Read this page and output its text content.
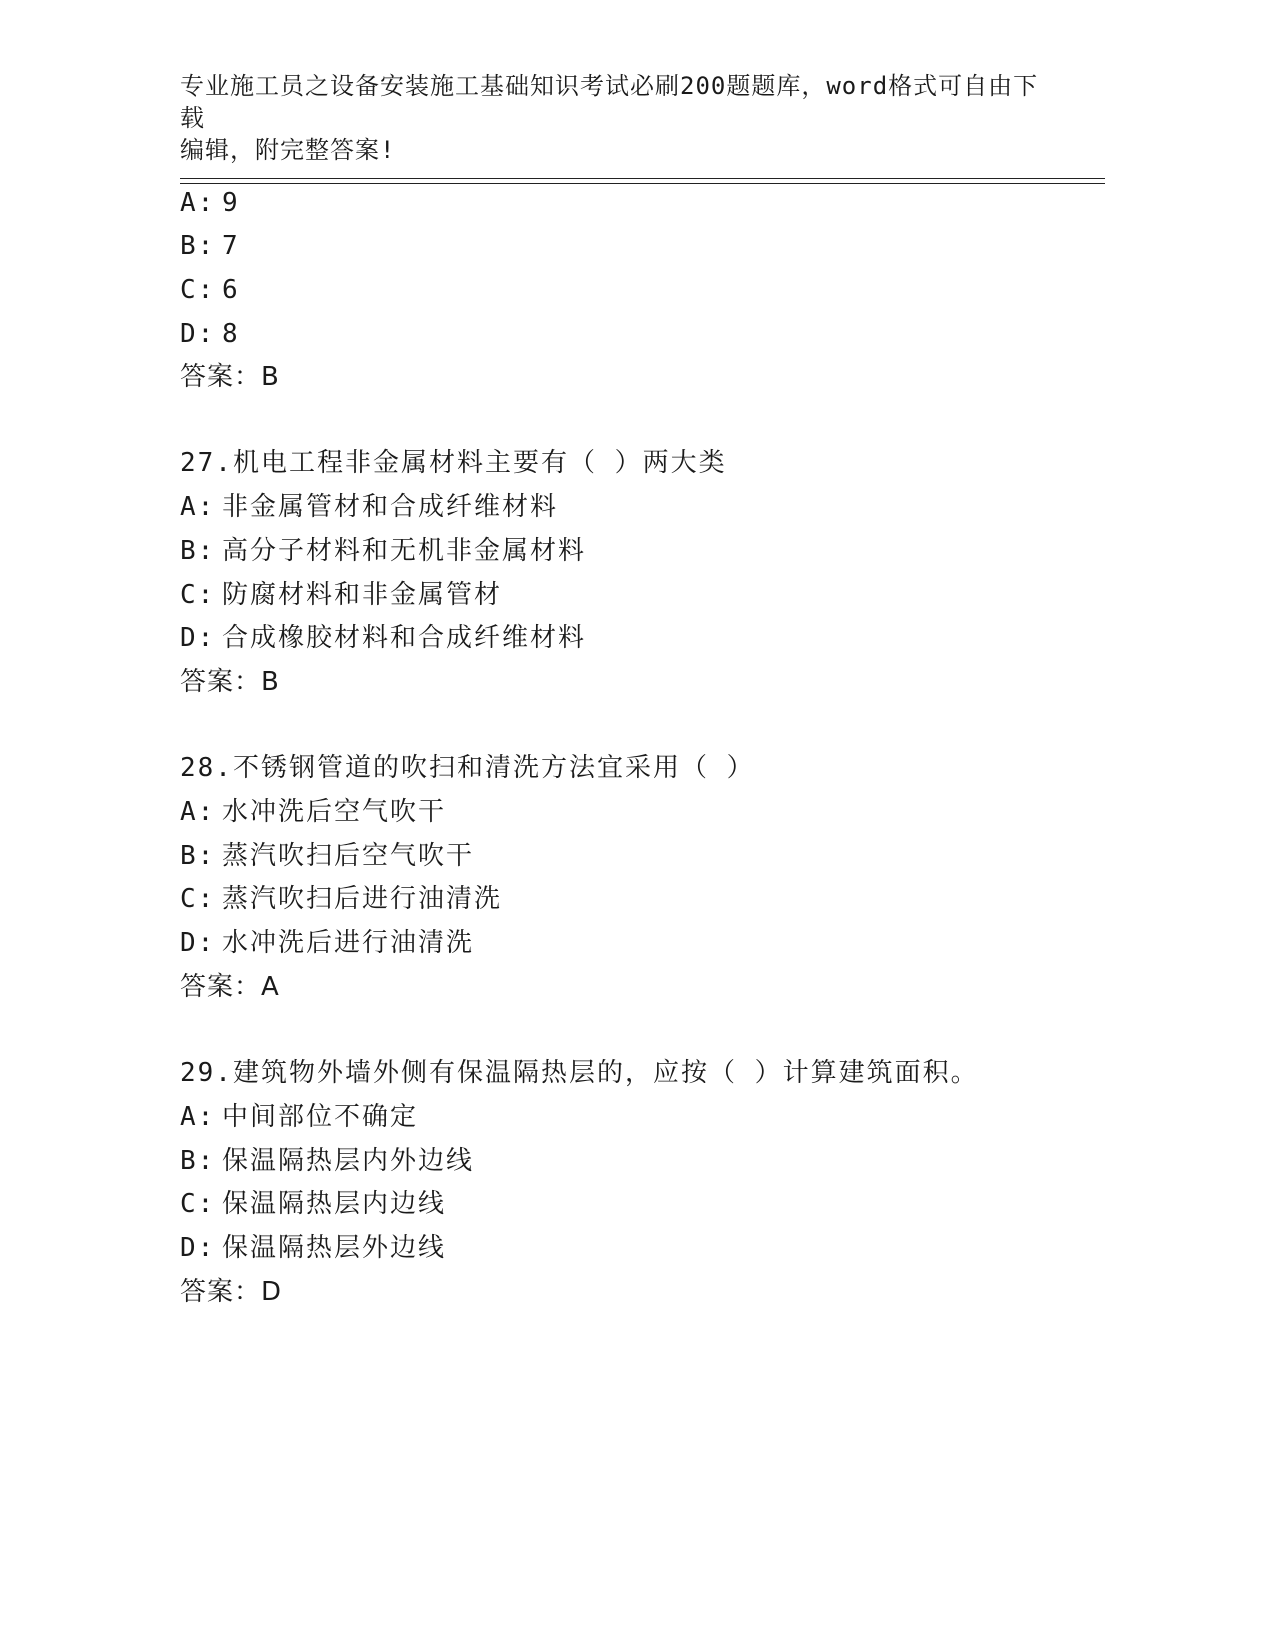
专业施工员之设备安装施工基础知识考试必刷200题题库，word格式可自由下载
编辑，附完整答案!
A: 9
B: 7
C: 6
D: 8
答案：B
27.机电工程非金属材料主要有（ ）两大类
A: 非金属管材和合成纤维材料
B: 高分子材料和无机非金属材料
C: 防腐材料和非金属管材
D: 合成橡胶材料和合成纤维材料
答案：B
28.不锈钢管道的吹扫和清洗方法宜采用（ ）
A: 水冲洗后空气吹干
B: 蒸汽吹扫后空气吹干
C: 蒸汽吹扫后进行油清洗
D: 水冲洗后进行油清洗
答案：A
29.建筑物外墙外侧有保温隔热层的，应按（ ）计算建筑面积。
A: 中间部位不确定
B: 保温隔热层内外边线
C: 保温隔热层内边线
D: 保温隔热层外边线
答案：D
